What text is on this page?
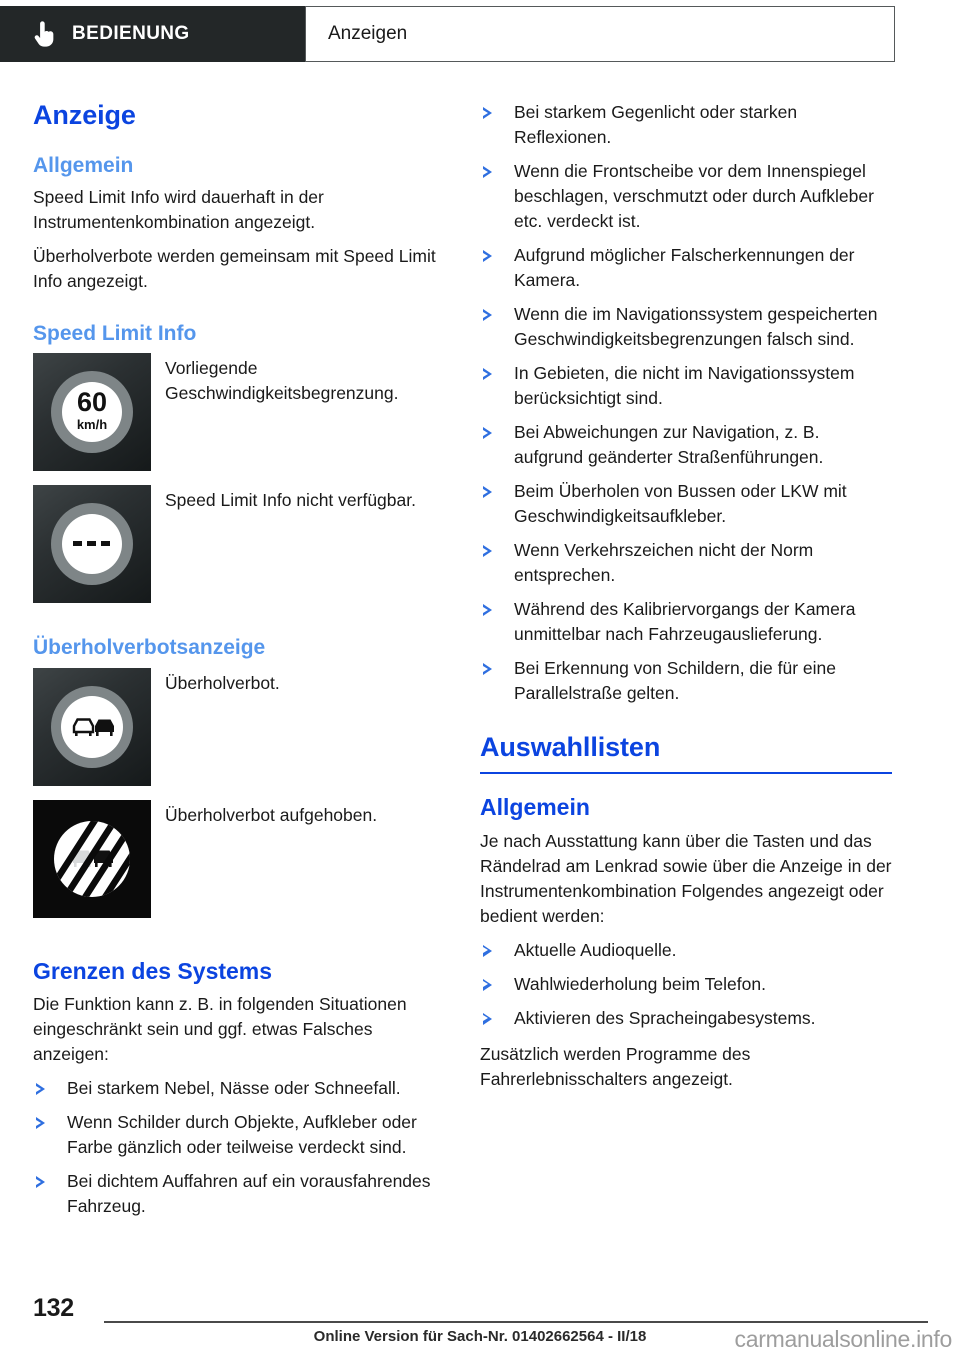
BEDIENUNG	Anzeigen
Anzeige
Allgemein

Speed Limit Info wird dauerhaft in der Instrumentenkombination angezeigt.

Überholverbote werden gemeinsam mit Speed Limit Info angezeigt.

Speed Limit Info
60
km/h
Vorliegende Geschwindigkeitsbegrenzung.
Speed Limit Info nicht verfügbar.
Überholverbotsanzeige
Überholverbot.
Überholverbot aufgehoben.
Grenzen des Systems

Die Funktion kann z. B. in folgenden Situationen eingeschränkt sein und ggf. etwas Falsches anzeigen:

Bei starkem Nebel, Nässe oder Schneefall.
Wenn Schilder durch Objekte, Aufkleber oder Farbe gänzlich oder teilweise verdeckt sind.
Bei dichtem Auffahren auf ein vorausfahrendes Fahrzeug.
Bei starkem Gegenlicht oder starken Reflexionen.
Wenn die Frontscheibe vor dem Innenspiegel beschlagen, verschmutzt oder durch Aufkleber etc. verdeckt ist.
Aufgrund möglicher Falscherkennungen der Kamera.
Wenn die im Navigationssystem gespeicherten Geschwindigkeitsbegrenzungen falsch sind.
In Gebieten, die nicht im Navigationssystem berücksichtigt sind.
Bei Abweichungen zur Navigation, z. B. aufgrund geänderter Straßenführungen.
Beim Überholen von Bussen oder LKW mit Geschwindigkeitsaufkleber.
Wenn Verkehrszeichen nicht der Norm entsprechen.
Während des Kalibriervorgangs der Kamera unmittelbar nach Fahrzeugauslieferung.
Bei Erkennung von Schildern, die für eine Parallelstraße gelten.
Auswahllisten
Allgemein

Je nach Ausstattung kann über die Tasten und das Rändelrad am Lenkrad sowie über die Anzeige in der Instrumentenkombination Folgendes angezeigt oder bedient werden:

Aktuelle Audioquelle.
Wahlwiederholung beim Telefon.
Aktivieren des Spracheingabesystems.

Zusätzlich werden Programme des Fahrerlebnisschalters angezeigt.

132
Online Version für Sach-Nr. 01402662564 - II/18	carmanualsonline.info
